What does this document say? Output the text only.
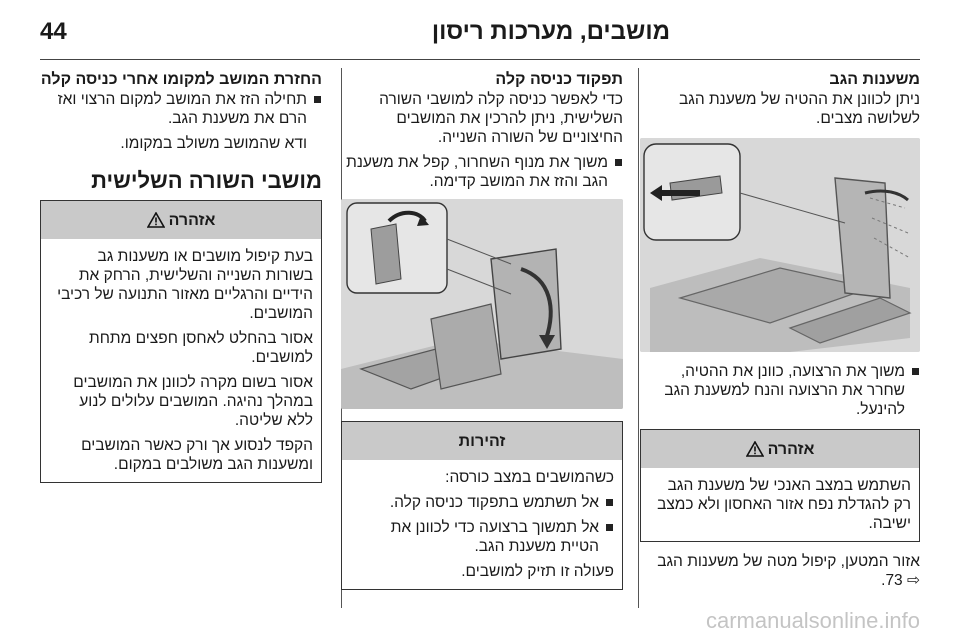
44	מושבים, מערכות ריסון
משענות הגב
ניתן לכוונן את ההטיה של משענת הגב לשלושה מצבים.
משוך את הרצועה, כוונן את ההטיה, שחרר את הרצועה והנח למשענת הגב להינעל.
אזהרה
השתמש במצב האנכי של משענת הגב רק להגדלת נפח אזור האחסון ולא כמצב ישיבה.
אזור המטען, קיפול מטה של משענות הגב ⇨ 73.
תפקוד כניסה קלה
כדי לאפשר כניסה קלה למושבי השורה השלישית, ניתן להרכין את המושבים החיצוניים של השורה השנייה.
משוך את מנוף השחרור, קפל את משענת הגב והזז את המושב קדימה.
זהירות
כשהמושבים במצב כורסה:
אל תשתמש בתפקוד כניסה קלה.
אל תמשוך ברצועה כדי לכוונן את הטיית משענת הגב.
פעולה זו תזיק למושבים.
החזרת המושב למקומו אחרי כניסה קלה
תחילה הזז את המושב למקום הרצוי ואז הרם את משענת הגב.
ודא שהמושב משולב במקומו.
מושבי השורה השלישית
אזהרה
בעת קיפול מושבים או משענות גב בשורות השנייה והשלישית, הרחק את הידיים והרגליים מאזור התנועה של רכיבי המושבים.
אסור בהחלט לאחסן חפצים מתחת למושבים.
אסור בשום מקרה לכוונן את המושבים במהלך נהיגה. המושבים עלולים לנוע ללא שליטה.
הקפד לנסוע אך ורק כאשר המושבים ומשענות הגב משולבים במקום.
carmanualsonline.info
